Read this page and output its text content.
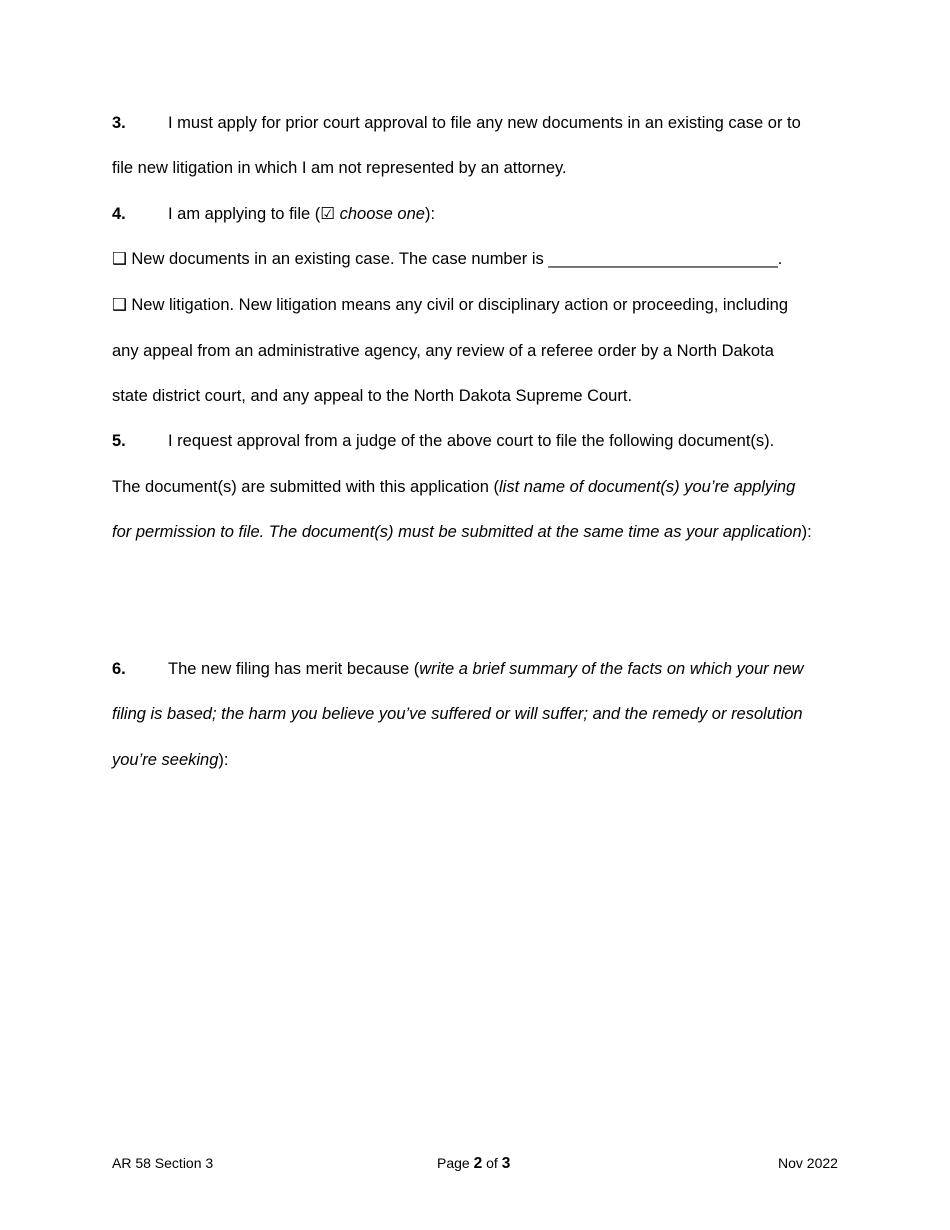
3.	I must apply for prior court approval to file any new documents in an existing case or to
file new litigation in which I am not represented by an attorney.
4.	I am applying to file (☑ choose one):
❑ New documents in an existing case. The case number is _________________________.
❑ New litigation. New litigation means any civil or disciplinary action or proceeding, including
any appeal from an administrative agency, any review of a referee order by a North Dakota
state district court, and any appeal to the North Dakota Supreme Court.
5.	I request approval from a judge of the above court to file the following document(s).
The document(s) are submitted with this application (list name of document(s) you’re applying
for permission to file. The document(s) must be submitted at the same time as your application):
6.	The new filing has merit because (write a brief summary of the facts on which your new
filing is based; the harm you believe you’ve suffered or will suffer; and the remedy or resolution
you’re seeking):
AR 58 Section 3	Page 2 of 3	Nov 2022
